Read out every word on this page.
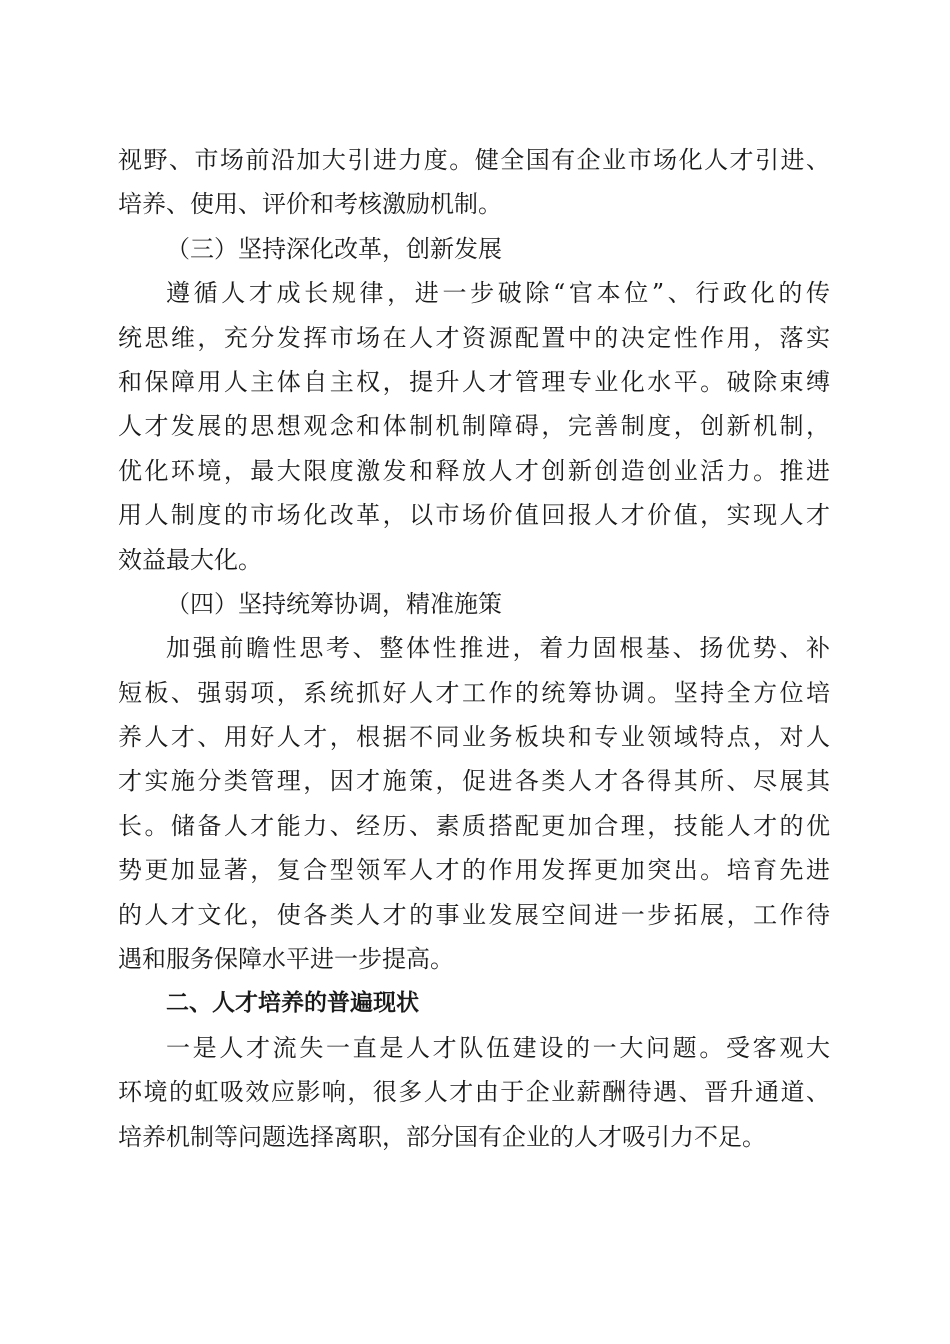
视野、市场前沿加大引进力度。健全国有企业市场化人才引进、
培养、使用、评价和考核激励机制。
（三）坚持深化改革，创新发展
遵循人才成长规律，进一步破除“官本位”、行政化的传
统思维，充分发挥市场在人才资源配置中的决定性作用，落实
和保障用人主体自主权，提升人才管理专业化水平。破除束缚
人才发展的思想观念和体制机制障碍，完善制度，创新机制，
优化环境，最大限度激发和释放人才创新创造创业活力。推进
用人制度的市场化改革，以市场价值回报人才价值，实现人才
效益最大化。
（四）坚持统筹协调，精准施策
加强前瞻性思考、整体性推进，着力固根基、扬优势、补
短板、强弱项，系统抓好人才工作的统筹协调。坚持全方位培
养人才、用好人才，根据不同业务板块和专业领域特点，对人
才实施分类管理，因才施策，促进各类人才各得其所、尽展其
长。储备人才能力、经历、素质搭配更加合理，技能人才的优
势更加显著，复合型领军人才的作用发挥更加突出。培育先进
的人才文化，使各类人才的事业发展空间进一步拓展，工作待
遇和服务保障水平进一步提高。
二、人才培养的普遍现状
一是人才流失一直是人才队伍建设的一大问题。受客观大
环境的虹吸效应影响，很多人才由于企业薪酬待遇、晋升通道、
培养机制等问题选择离职，部分国有企业的人才吸引力不足。
